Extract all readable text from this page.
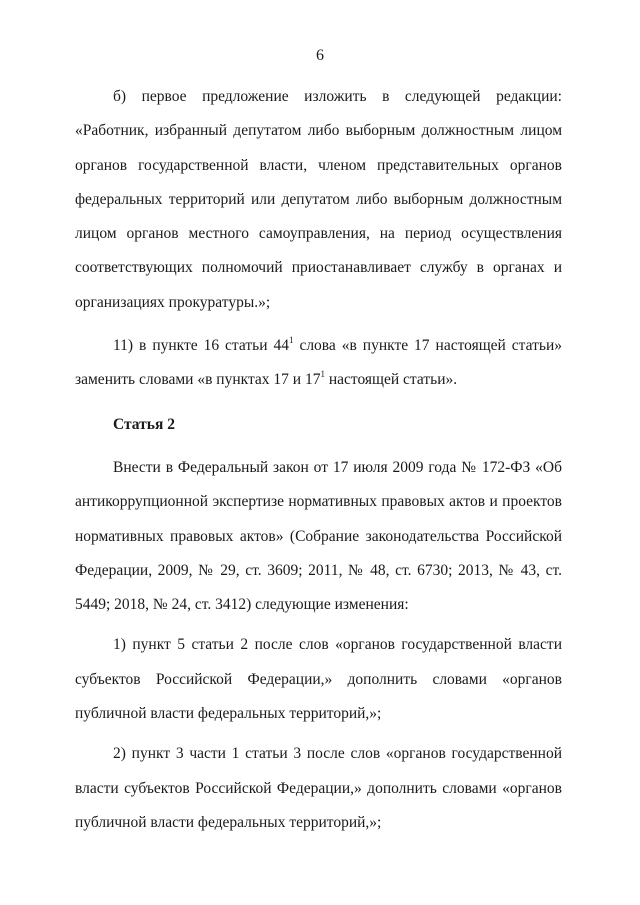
6

б) первое предложение изложить в следующей редакции: «Работник, избранный депутатом либо выборным должностным лицом органов государственной власти, членом представительных органов федеральных территорий или депутатом либо выборным должностным лицом органов местного самоуправления, на период осуществления соответствующих полномочий приостанавливает службу в органах и организациях прокуратуры.»;

11) в пункте 16 статьи $44^1$ слова «в пункте 17 настоящей статьи» заменить словами «в пунктах 17 и $17^1$ настоящей статьи».

Статья 2

Внести в Федеральный закон от 17 июля 2009 года № 172-ФЗ «Об антикоррупционной экспертизе нормативных правовых актов и проектов нормативных правовых актов» (Собрание законодательства Российской Федерации, 2009, № 29, ст. 3609; 2011, № 48, ст. 6730; 2013, № 43, ст. 5449; 2018, № 24, ст. 3412) следующие изменения:

1) пункт 5 статьи 2 после слов «органов государственной власти субъектов Российской Федерации,» дополнить словами «органов публичной власти федеральных территорий,»;

2) пункт 3 части 1 статьи 3 после слов «органов государственной власти субъектов Российской Федерации,» дополнить словами «органов публичной власти федеральных территорий,»;
